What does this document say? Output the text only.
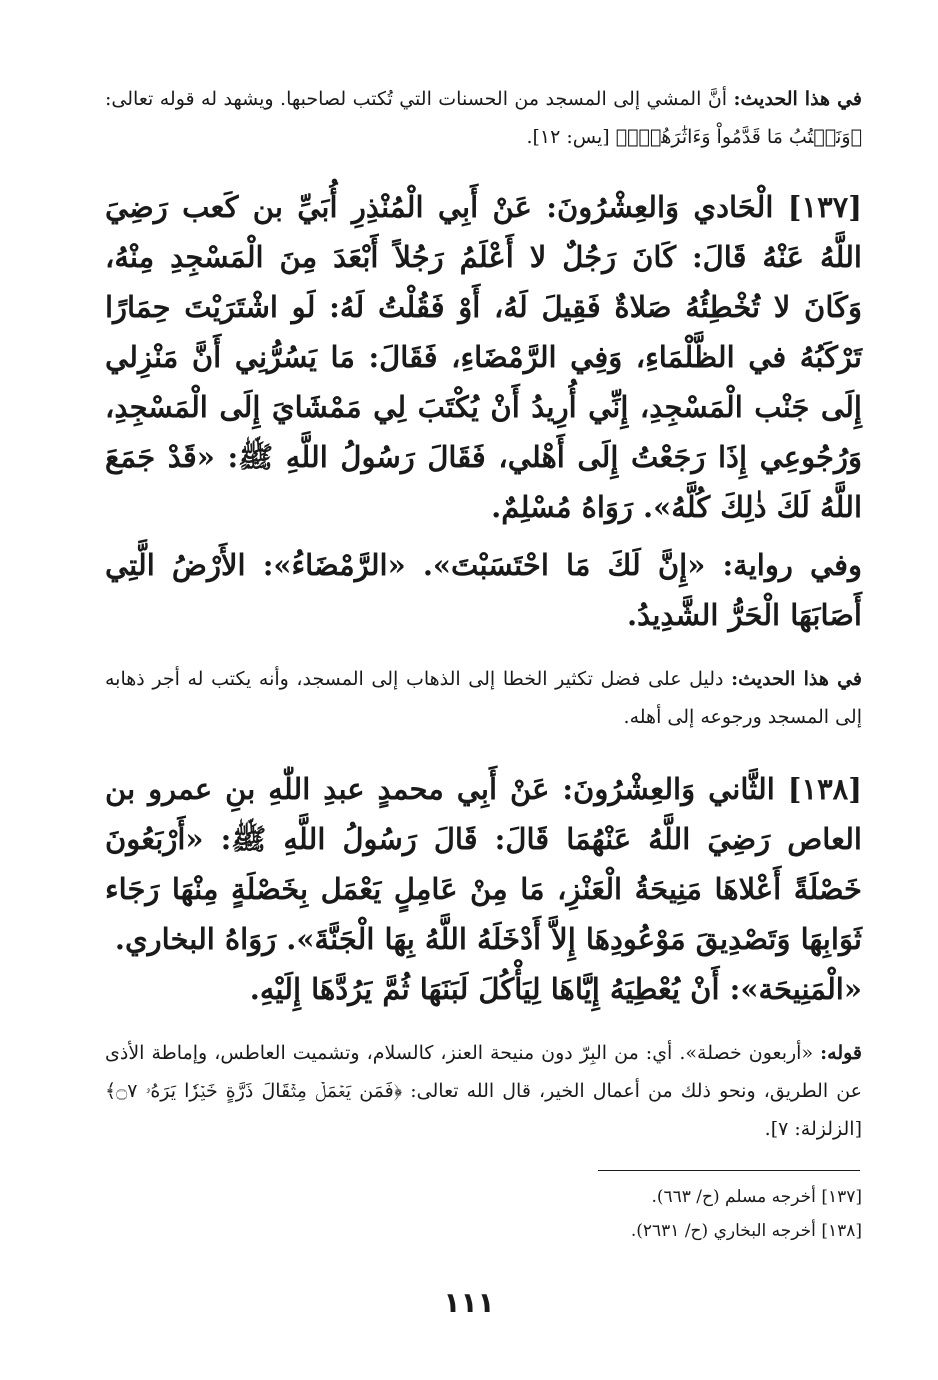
في هذا الحديث: أنَّ المشي إلى المسجد من الحسنات التي تُكتب لصاحبها. ويشهد له قوله تعالى: ﴿وَنَكۡتُبُ مَا قَدَّمُواْ وَءَاثَٰرَهُمۡۚ﴾ [يس: ١٢].

[١٣٧] الْحَادي وَالعِشْرُونَ: عَنْ أَبِي الْمُنْذِرِ أُبَيِّ بن كَعب رَضِيَ اللَّهُ عَنْهُ قَالَ: كَانَ رَجُلٌ لا أَعْلَمُ رَجُلاً أَبْعَدَ مِنَ الْمَسْجِدِ مِنْهُ، وَكَانَ لا تُخْطِئُهُ صَلاةٌ فَقِيلَ لَهُ، أَوْ فَقُلْتُ لَهُ: لَو اشْتَرَيْتَ حِمَارًا تَرْكَبُهُ في الظَّلْمَاءِ، وَفِي الرَّمْضَاءِ، فَقَالَ: مَا يَسُرُّنِي أَنَّ مَنْزِلي إِلَى جَنْب الْمَسْجِدِ، إِنِّي أُرِيدُ أَنْ يُكْتَبَ لِي مَمْشَايَ إِلَى الْمَسْجِدِ، وَرُجُوعِي إِذَا رَجَعْتُ إِلَى أَهْلي، فَقَالَ رَسُولُ اللَّهِ ﷺ: «قَدْ جَمَعَ اللَّهُ لَكَ ذٰلِكَ كُلَّهُ». رَوَاهُ مُسْلِمٌ.

وفي رواية: «إِنَّ لَكَ مَا احْتَسَبْتَ». «الرَّمْضَاءُ»: الأَرْضُ الَّتِي أَصَابَهَا الْحَرُّ الشَّدِيدُ.

في هذا الحديث: دليل على فضل تكثير الخطا إلى الذهاب إلى المسجد، وأنه يكتب له أجر ذهابه إلى المسجد ورجوعه إلى أهله.

[١٣٨] الثَّاني وَالعِشْرُونَ: عَنْ أَبِي محمدٍ عبدِ اللّٰهِ بنِ عمرو بن العاص رَضِيَ اللَّهُ عَنْهُمَا قَالَ: قَالَ رَسُولُ اللَّهِ ﷺ: «أَرْبَعُونَ خَصْلَةً أَعْلاهَا مَنِيحَةُ الْعَنْزِ، مَا مِنْ عَامِلٍ يَعْمَل بِخَصْلَةٍ مِنْهَا رَجَاء ثَوَابِهَا وَتَصْدِيقَ مَوْعُودِهَا إِلاَّ أَدْخَلَهُ اللَّهُ بِهَا الْجَنَّةَ». رَوَاهُ البخاري.

«الْمَنِيحَة»: أَنْ يُعْطِيَهُ إِيَّاهَا لِيَأْكُلَ لَبَنَهَا ثُمَّ يَرُدَّهَا إِلَيْهِ.

قوله: «أربعون خصلة». أي: من البِرّ دون منيحة العنز، كالسلام، وتشميت العاطس، وإماطة الأذى عن الطريق، ونحو ذلك من أعمال الخير، قال الله تعالى: ﴿فَمَن يَعۡمَلۡ مِثۡقَالَ ذَرَّةٍ خَيۡرٗا يَرَهُۥ ۝٧﴾ [الزلزلة: ٧].

[١٣٧] أخرجه مسلم (ح/ ٦٦٣).

[١٣٨] أخرجه البخاري (ح/ ٢٦٣١).

١١١
